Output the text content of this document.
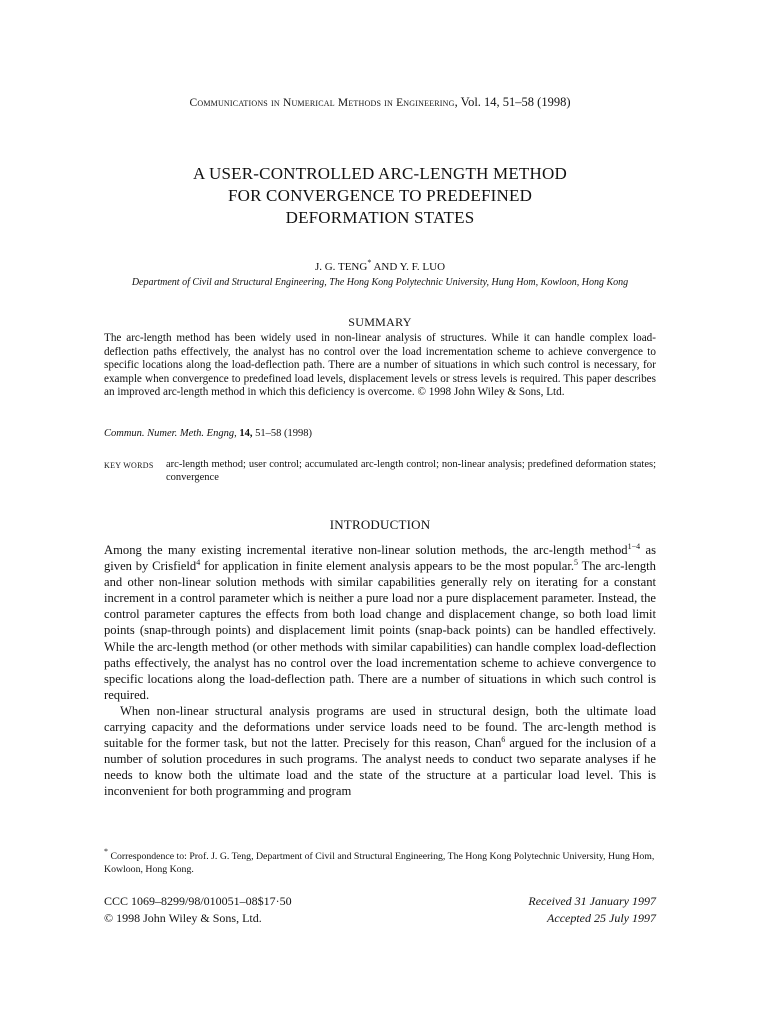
Communications in Numerical Methods in Engineering, Vol. 14, 51–58 (1998)
A USER-CONTROLLED ARC-LENGTH METHOD
FOR CONVERGENCE TO PREDEFINED
DEFORMATION STATES
J. G. TENG* AND Y. F. LUO
Department of Civil and Structural Engineering, The Hong Kong Polytechnic University, Hung Hom, Kowloon, Hong Kong
SUMMARY
The arc-length method has been widely used in non-linear analysis of structures. While it can handle complex load-deflection paths effectively, the analyst has no control over the load incrementation scheme to achieve convergence to specific locations along the load-deflection path. There are a number of situations in which such control is necessary, for example when convergence to predefined load levels, displacement levels or stress levels is required. This paper describes an improved arc-length method in which this deficiency is overcome. © 1998 John Wiley & Sons, Ltd.
Commun. Numer. Meth. Engng, 14, 51–58 (1998)
KEY WORDS arc-length method; user control; accumulated arc-length control; non-linear analysis; predefined deformation states; convergence
INTRODUCTION

Among the many existing incremental iterative non-linear solution methods, the arc-length method$^{1-4}$ as given by Crisfield$^4$ for application in finite element analysis appears to be the most popular.$^5$ The arc-length and other non-linear solution methods with similar capabilities generally rely on iterating for a constant increment in a control parameter which is neither a pure load nor a pure displacement parameter. Instead, the control parameter captures the effects from both load change and displacement change, so both load limit points (snap-through points) and displacement limit points (snap-back points) can be handled effectively. While the arc-length method (or other methods with similar capabilities) can handle complex load-deflection paths effectively, the analyst has no control over the load incrementation scheme to achieve convergence to specific locations along the load-deflection path. There are a number of situations in which such control is required.

When non-linear structural analysis programs are used in structural design, both the ultimate load carrying capacity and the deformations under service loads need to be found. The arc-length method is suitable for the former task, but not the latter. Precisely for this reason, Chan$^6$ argued for the inclusion of a number of solution procedures in such programs. The analyst needs to conduct two separate analyses if he needs to know both the ultimate load and the state of the structure at a particular load level. This is inconvenient for both programming and program

* Correspondence to: Prof. J. G. Teng, Department of Civil and Structural Engineering, The Hong Kong Polytechnic University, Hung Hom, Kowloon, Hong Kong.
CCC 1069–8299/98/010051–08$17·50
© 1998 John Wiley & Sons, Ltd.
Received 31 January 1997
Accepted 25 July 1997
